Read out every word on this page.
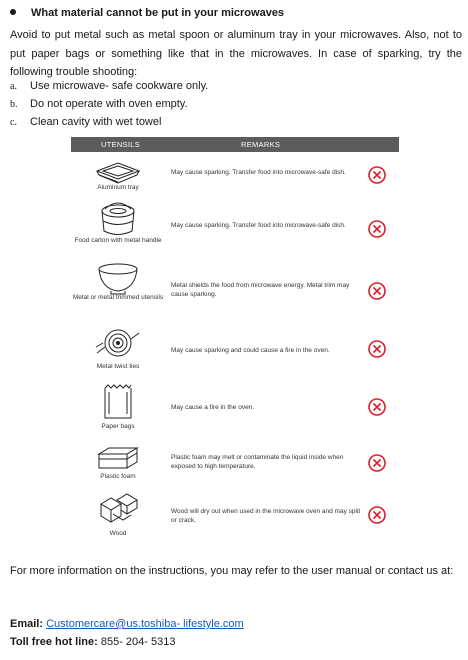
What material cannot be put in your microwaves
Avoid to put metal such as metal spoon or aluminum tray in your microwaves. Also, not to put paper bags or something like that in the microwaves. In case of sparking, try the following trouble shooting:
a. Use microwave- safe cookware only.
b. Do not operate with oven empty.
c. Clean cavity with wet towel
UTENSILS	REMARKS
Aluminum tray
May cause sparking. Transfer food into microwave-safe dish.
Food carton with metal handle
May cause sparking. Transfer food into microwave-safe dish.
Metal or metal trimmed utensils
Metal shields the food from microwave energy. Metal trim may cause sparking.
Metal twist ties
May cause sparking and could cause a fire in the oven.
Paper bags
May cause a fire in the oven.
Plastic foam
Plastic foam may melt or contaminate the liquid inside when exposed to high temperature.
Wood
Wood will dry out when used in the microwave oven and may split or crack.
For more information on the instructions, you may refer to the user manual or contact us at:
Email: Customercare@us.toshiba- lifestyle.com
Toll free hot line: 855- 204- 5313
